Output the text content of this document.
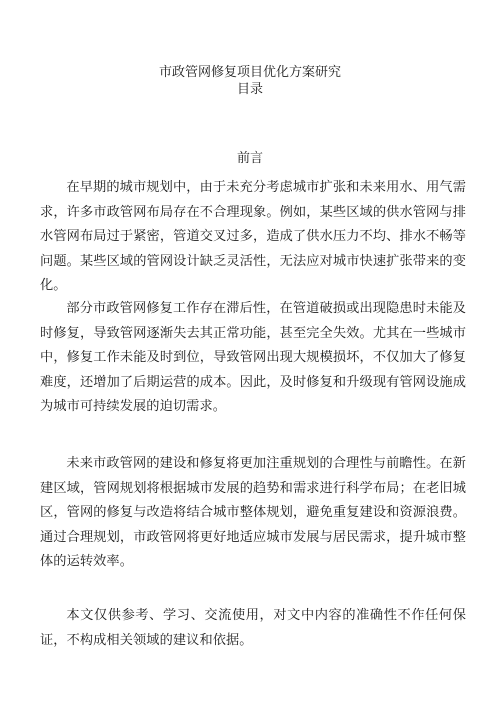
市政管网修复项目优化方案研究
目录
前言

在早期的城市规划中，由于未充分考虑城市扩张和未来用水、用气需求，许多市政管网布局存在不合理现象。例如，某些区域的供水管网与排水管网布局过于紧密，管道交叉过多，造成了供水压力不均、排水不畅等问题。某些区域的管网设计缺乏灵活性，无法应对城市快速扩张带来的变化。

部分市政管网修复工作存在滞后性，在管道破损或出现隐患时未能及时修复，导致管网逐渐失去其正常功能，甚至完全失效。尤其在一些城市中，修复工作未能及时到位，导致管网出现大规模损坏，不仅加大了修复难度，还增加了后期运营的成本。因此，及时修复和升级现有管网设施成为城市可持续发展的迫切需求。

未来市政管网的建设和修复将更加注重规划的合理性与前瞻性。在新建区域，管网规划将根据城市发展的趋势和需求进行科学布局；在老旧城区，管网的修复与改造将结合城市整体规划，避免重复建设和资源浪费。通过合理规划，市政管网将更好地适应城市发展与居民需求，提升城市整体的运转效率。

本文仅供参考、学习、交流使用，对文中内容的准确性不作任何保证，不构成相关领域的建议和依据。
